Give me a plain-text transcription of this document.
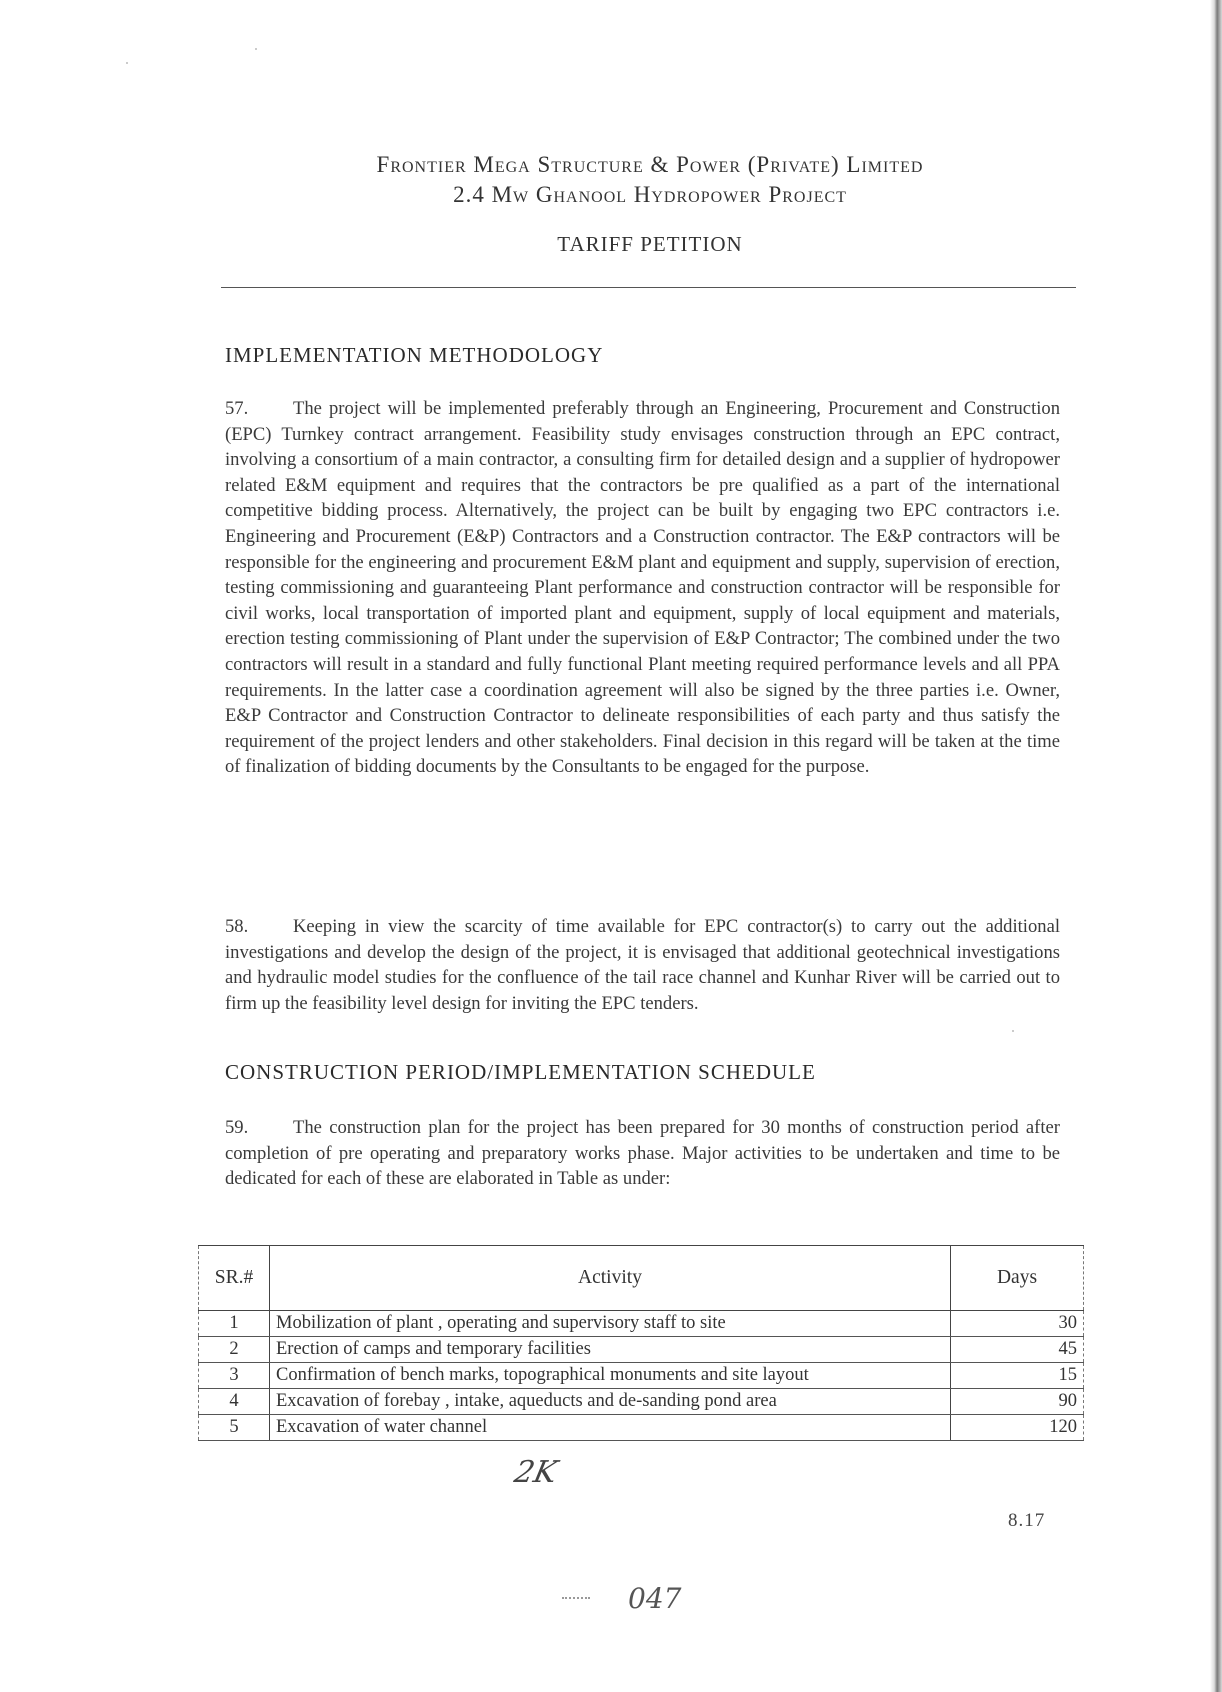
Frontier Mega Structure & Power (Private) Limited
2.4 Mw Ghanool Hydropower Project
TARIFF PETITION
IMPLEMENTATION METHODOLOGY
57. The project will be implemented preferably through an Engineering, Procurement and Construction (EPC) Turnkey contract arrangement. Feasibility study envisages construction through an EPC contract, involving a consortium of a main contractor, a consulting firm for detailed design and a supplier of hydropower related E&M equipment and requires that the contractors be pre qualified as a part of the international competitive bidding process. Alternatively, the project can be built by engaging two EPC contractors i.e. Engineering and Procurement (E&P) Contractors and a Construction contractor. The E&P contractors will be responsible for the engineering and procurement E&M plant and equipment and supply, supervision of erection, testing commissioning and guaranteeing Plant performance and construction contractor will be responsible for civil works, local transportation of imported plant and equipment, supply of local equipment and materials, erection testing commissioning of Plant under the supervision of E&P Contractor; The combined under the two contractors will result in a standard and fully functional Plant meeting required performance levels and all PPA requirements. In the latter case a coordination agreement will also be signed by the three parties i.e. Owner, E&P Contractor and Construction Contractor to delineate responsibilities of each party and thus satisfy the requirement of the project lenders and other stakeholders. Final decision in this regard will be taken at the time of finalization of bidding documents by the Consultants to be engaged for the purpose.
58. Keeping in view the scarcity of time available for EPC contractor(s) to carry out the additional investigations and develop the design of the project, it is envisaged that additional geotechnical investigations and hydraulic model studies for the confluence of the tail race channel and Kunhar River will be carried out to firm up the feasibility level design for inviting the EPC tenders.
CONSTRUCTION PERIOD/IMPLEMENTATION SCHEDULE
59. The construction plan for the project has been prepared for 30 months of construction period after completion of pre operating and preparatory works phase. Major activities to be undertaken and time to be dedicated for each of these are elaborated in Table as under:
SR.#	Activity	Days
1	Mobilization of plant , operating and supervisory staff to site	30
2	Erection of camps and temporary facilities	45
3	Confirmation of bench marks, topographical monuments and site layout	15
4	Excavation of forebay , intake, aqueducts and de-sanding pond area	90
5	Excavation of water channel	120
2K
8.17
047
